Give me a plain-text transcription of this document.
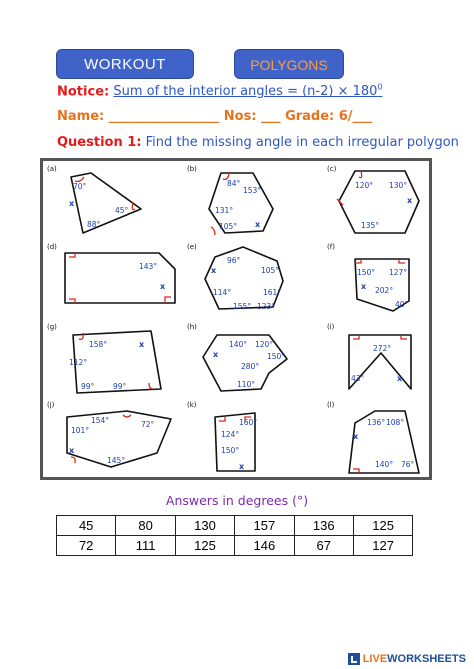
WORKOUT	POLYGONS
Notice: Sum of the interior angles = $(n-2) \times 180^0$
Name: _________________ Nos: ___ Grade: 6/___
Question 1: Find the missing angle in each irregular polygon
(a)	(b)	(c)
(d)	(e)	(f)
(g)	(h)	(i)
(j)	(k)	(l)
70°
45°
88°
x
84°
153°
131°
105° x
120° 130°
135°
x
143°
x
96°
105°
114°	161°
155° 123°
x	150° 127°
202°
40°
x
158°
112°
99° 99°
x	140° 120°
150°
280°
110°
x
272°
43°	x
154°	72°
101°
145°
x
160°
124°
150°
x
136° 108°
140° 76°
x
Answers in degrees (°)
45	80	130	157	136	125
72	111	125	146	67	127
LIVE WORKSHEETS
